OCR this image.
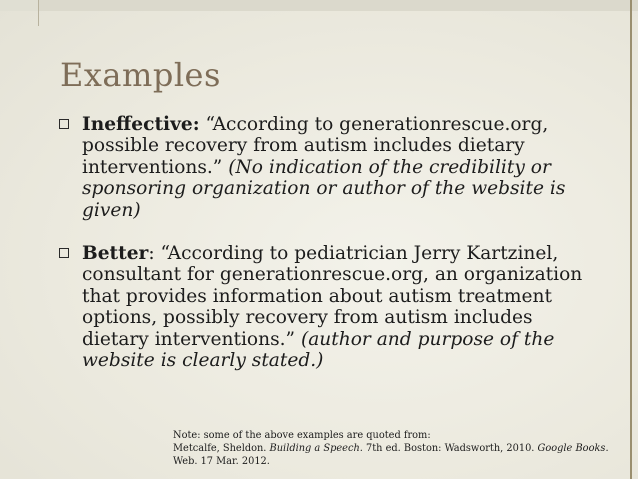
Examples
Ineffective: “According to generationrescue.org, possible recovery from autism includes dietary interventions.” (No indication of the credibility or sponsoring organization or author of the website is given)
Better: “According to pediatrician Jerry Kartzinel, consultant for generationrescue.org, an organization that provides information about autism treatment options, possibly recovery from autism includes dietary interventions.” (author and purpose of the website is clearly stated.)
Note: some of the above examples are quoted from:
Metcalfe, Sheldon. Building a Speech. 7th ed. Boston: Wadsworth, 2010. Google Books.
Web. 17 Mar. 2012.
